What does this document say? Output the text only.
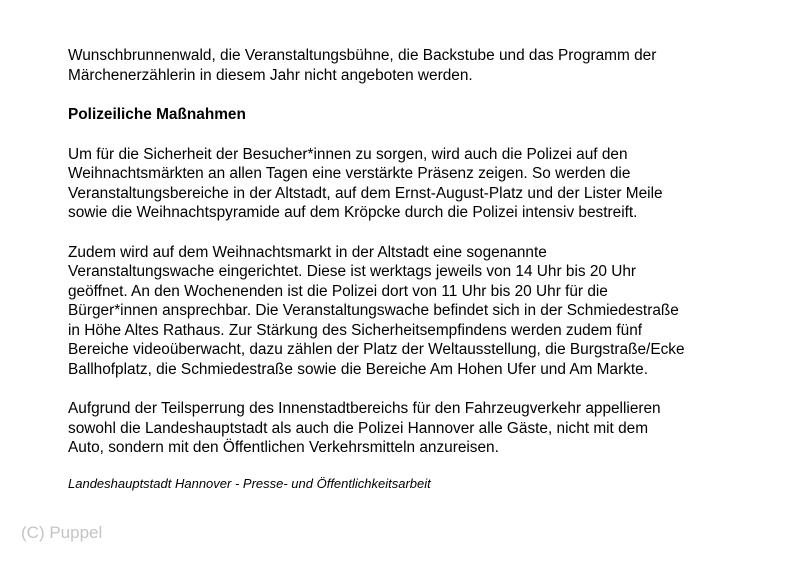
Wunschbrunnenwald, die Veranstaltungsbühne, die Backstube und das Programm der
Märchenerzählerin in diesem Jahr nicht angeboten werden.
Polizeiliche Maßnahmen
Um für die Sicherheit der Besucher*innen zu sorgen, wird auch die Polizei auf den
Weihnachtsmärkten an allen Tagen eine verstärkte Präsenz zeigen. So werden die
Veranstaltungsbereiche in der Altstadt, auf dem Ernst-August-Platz und der Lister Meile
sowie die Weihnachtspyramide auf dem Kröpcke durch die Polizei intensiv bestreift.
Zudem wird auf dem Weihnachtsmarkt in der Altstadt eine sogenannte
Veranstaltungswache eingerichtet. Diese ist werktags jeweils von 14 Uhr bis 20 Uhr
geöffnet. An den Wochenenden ist die Polizei dort von 11 Uhr bis 20 Uhr für die
Bürger*innen ansprechbar. Die Veranstaltungswache befindet sich in der Schmiedestraße
in Höhe Altes Rathaus. Zur Stärkung des Sicherheitsempfindens werden zudem fünf
Bereiche videoüberwacht, dazu zählen der Platz der Weltausstellung, die Burgstraße/Ecke
Ballhofplatz, die Schmiedestraße sowie die Bereiche Am Hohen Ufer und Am Markte.
Aufgrund der Teilsperrung des Innenstadtbereichs für den Fahrzeugverkehr appellieren
sowohl die Landeshauptstadt als auch die Polizei Hannover alle Gäste, nicht mit dem
Auto, sondern mit den Öffentlichen Verkehrsmitteln anzureisen.
Landeshauptstadt Hannover - Presse- und Öffentlichkeitsarbeit
(C) Puppel
